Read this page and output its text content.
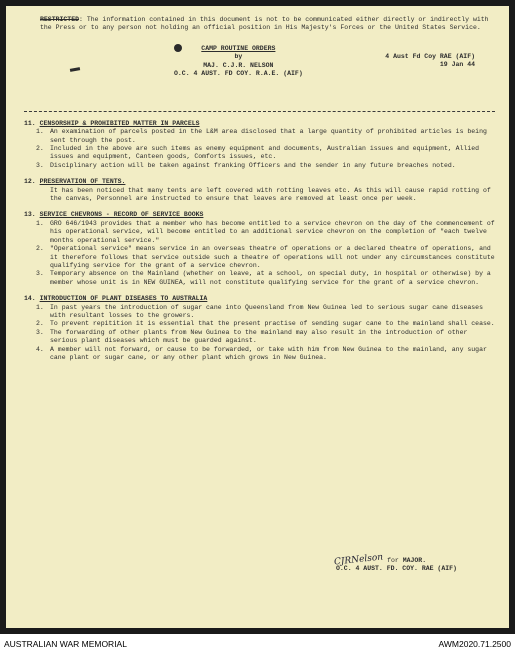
RESTRICTED: The information contained in this document is not to be communicated either directly or indirectly with the Press or to any person not holding an official position in His Majesty's Forces or the United States Service.

CAMP ROUTINE ORDERS
by
MAJ. C.J.R. NELSON
O.C. 4 AUST. FD COY. R.A.E. (AIF)
4 Aust Fd Coy RAE (AIF)
19 Jan 44
11. CENSORSHIP & PROHIBITED MATTER IN PARCELS
1. An examination of parcels posted in the L&M area disclosed that a large quantity of prohibited articles is being sent through the post.
2. Included in the above are such items as enemy equipment and documents, Australian issues and equipment, Allied issues and equipment, Canteen goods, Comforts issues, etc.
3. Disciplinary action will be taken against franking Officers and the sender in any future breaches noted.
12. PRESERVATION OF TENTS.
It has been noticed that many tents are left covered with rotting leaves etc. As this will cause rapid rotting of the canvas, Personnel are instructed to ensure that leaves are removed at least once per week.
13. SERVICE CHEVRONS - RECORD OF SERVICE BOOKS
1. GRO 646/1943 provides that a member who has become entitled to a service chevron on the day of the commencement of his operational service, will become entitled to an additional service chevron on the completion of "each twelve months operational service."
2. "Operational service" means service in an overseas theatre of operations or a declared theatre of operations, and it therefore follows that service outside such a theatre of operations will not under any circumstances constitute qualifying service for the grant of a service chevron.
3. Temporary absence on the Mainland (whether on leave, at a school, on special duty, in hospital or otherwise) by a member whose unit is in NEW GUINEA, will not constitute qualifying service for the grant of a service chevron.
14. INTRODUCTION OF PLANT DISEASES TO AUSTRALIA
1. In past years the introduction of sugar cane into Queensland from New Guinea led to serious sugar cane diseases with resultant losses to the growers.
2. To prevent repitition it is essential that the present practise of sending sugar cane to the mainland shall cease.
3. The forwarding of other plants from New Guinea to the mainland may also result in the introduction of other serious plant diseases which must be guarded against.
4. A member will not forward, or cause to be forwarded, or take with him from New Guinea to the mainland, any sugar cane plant or sugar cane, or any other plant which grows in New Guinea.
CJRNelson for MAJOR.
O.C. 4 AUST. FD. COY. RAE (AIF)
AUSTRALIAN WAR MEMORIAL	AWM2020.71.2500
